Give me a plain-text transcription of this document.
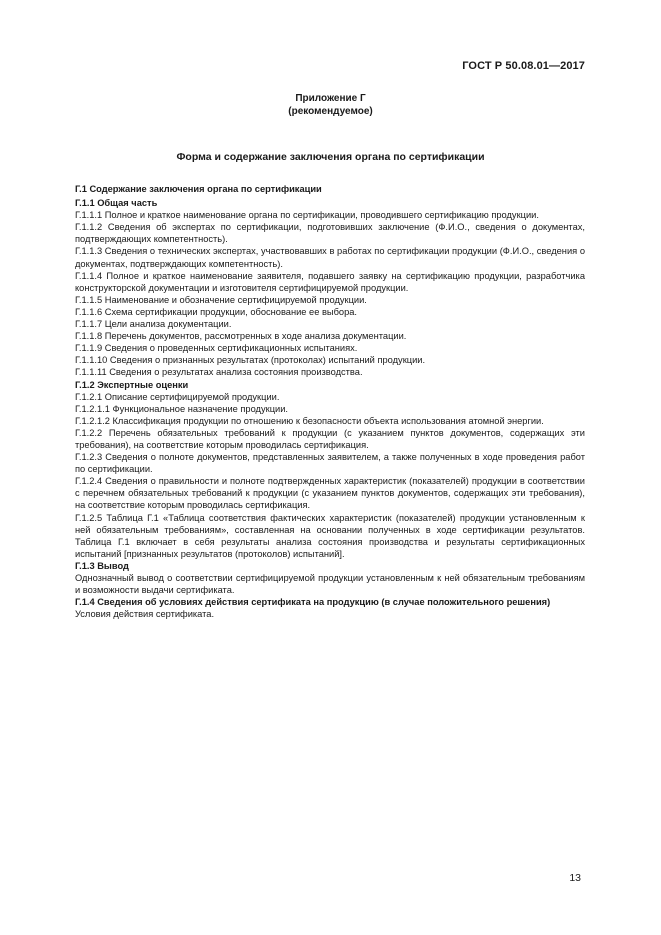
ГОСТ Р 50.08.01—2017
Приложение Г
(рекомендуемое)
Форма и содержание заключения органа по сертификации

Г.1 Содержание заключения органа по сертификации

Г.1.1 Общая часть

Г.1.1.1 Полное и краткое наименование органа по сертификации, проводившего сертификацию продукции.

Г.1.1.2 Сведения об экспертах по сертификации, подготовивших заключение (Ф.И.О., сведения о документах, подтверждающих компетентность).

Г.1.1.3 Сведения о технических экспертах, участвовавших в работах по сертификации продукции (Ф.И.О., сведения о документах, подтверждающих компетентность).

Г.1.1.4 Полное и краткое наименование заявителя, подавшего заявку на сертификацию продукции, разработчика конструкторской документации и изготовителя сертифицируемой продукции.

Г.1.1.5 Наименование и обозначение сертифицируемой продукции.

Г.1.1.6 Схема сертификации продукции, обоснование ее выбора.

Г.1.1.7 Цели анализа документации.

Г.1.1.8 Перечень документов, рассмотренных в ходе анализа документации.

Г.1.1.9 Сведения о проведенных сертификационных испытаниях.

Г.1.1.10 Сведения о признанных результатах (протоколах) испытаний продукции.

Г.1.1.11 Сведения о результатах анализа состояния производства.

Г.1.2 Экспертные оценки

Г.1.2.1 Описание сертифицируемой продукции.

Г.1.2.1.1 Функциональное назначение продукции.

Г.1.2.1.2 Классификация продукции по отношению к безопасности объекта использования атомной энергии.

Г.1.2.2 Перечень обязательных требований к продукции (с указанием пунктов документов, содержащих эти требования), на соответствие которым проводилась сертификация.

Г.1.2.3 Сведения о полноте документов, представленных заявителем, а также полученных в ходе проведения работ по сертификации.

Г.1.2.4 Сведения о правильности и полноте подтвержденных характеристик (показателей) продукции в соответствии с перечнем обязательных требований к продукции (с указанием пунктов документов, содержащих эти требования), на соответствие которым проводилась сертификация.

Г.1.2.5 Таблица Г.1 «Таблица соответствия фактических характеристик (показателей) продукции установленным к ней обязательным требованиям», составленная на основании полученных в ходе сертификации результатов. Таблица Г.1 включает в себя результаты анализа состояния производства и результаты сертификационных испытаний [признанных результатов (протоколов) испытаний].

Г.1.3 Вывод

Однозначный вывод о соответствии сертифицируемой продукции установленным к ней обязательным требованиям и возможности выдачи сертификата.

Г.1.4 Сведения об условиях действия сертификата на продукцию (в случае положительного решения)

Условия действия сертификата.

13
